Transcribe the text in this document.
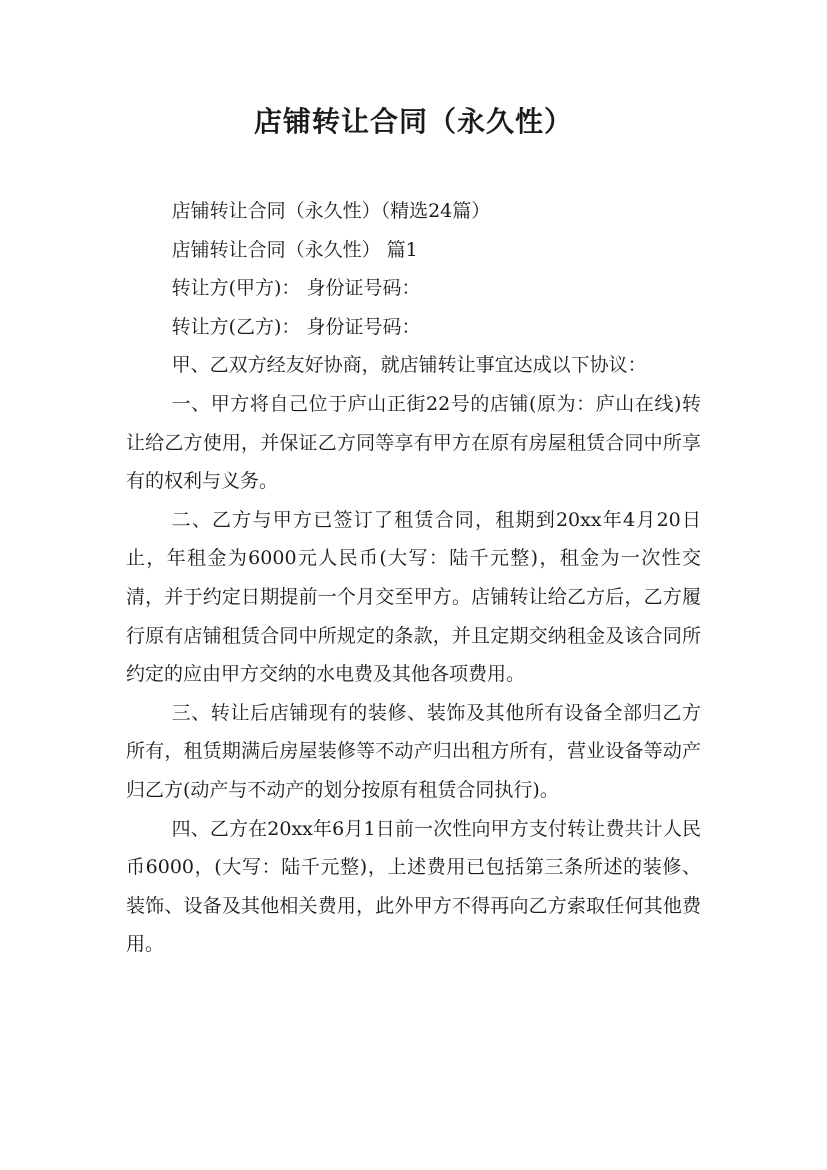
店铺转让合同（永久性）

店铺转让合同（永久性）（精选24篇）

店铺转让合同（永久性） 篇1

转让方(甲方)： 身份证号码：

转让方(乙方)： 身份证号码：

甲、乙双方经友好协商，就店铺转让事宜达成以下协议：

一、甲方将自己位于庐山正街22号的店铺(原为：庐山在线)转让给乙方使用，并保证乙方同等享有甲方在原有房屋租赁合同中所享有的权利与义务。

二、乙方与甲方已签订了租赁合同，租期到20xx年4月20日止，年租金为6000元人民币(大写：陆千元整)，租金为一次性交清，并于约定日期提前一个月交至甲方。店铺转让给乙方后，乙方履行原有店铺租赁合同中所规定的条款，并且定期交纳租金及该合同所约定的应由甲方交纳的水电费及其他各项费用。

三、转让后店铺现有的装修、装饰及其他所有设备全部归乙方所有，租赁期满后房屋装修等不动产归出租方所有，营业设备等动产归乙方(动产与不动产的划分按原有租赁合同执行)。

四、乙方在20xx年6月1日前一次性向甲方支付转让费共计人民币6000，(大写：陆千元整)，上述费用已包括第三条所述的装修、装饰、设备及其他相关费用，此外甲方不得再向乙方索取任何其他费用。
